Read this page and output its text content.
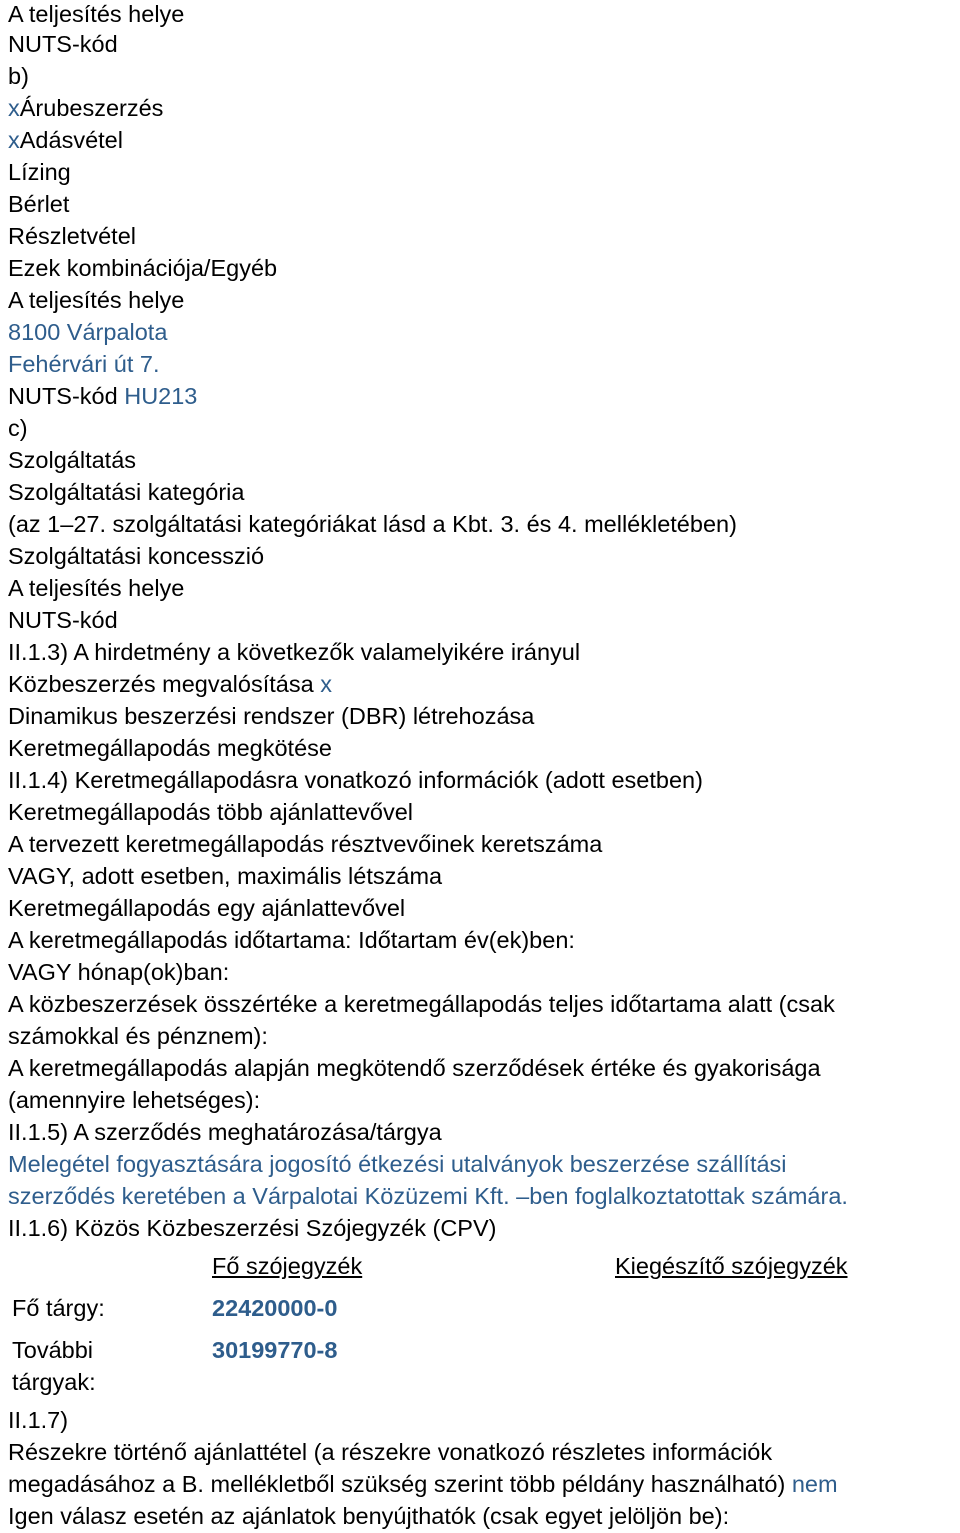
A teljesítés helye
NUTS-kód
b)
xÁrubeszerzés
xAdásvétel
Lízing
Bérlet
Részletvétel
Ezek kombinációja/Egyéb
A teljesítés helye
8100 Várpalota
Fehérvári út 7.
NUTS-kód HU213
c)
Szolgáltatás
Szolgáltatási kategória
(az 1–27. szolgáltatási kategóriákat lásd a Kbt. 3. és 4. mellékletében)
Szolgáltatási koncesszió
A teljesítés helye
NUTS-kód
II.1.3) A hirdetmény a következők valamelyikére irányul
Közbeszerzés megvalósítása x
Dinamikus beszerzési rendszer (DBR) létrehozása
Keretmegállapodás megkötése
II.1.4) Keretmegállapodásra vonatkozó információk (adott esetben)
Keretmegállapodás több ajánlattevővel
A tervezett keretmegállapodás résztvevőinek keretszáma
VAGY, adott esetben, maximális létszáma
Keretmegállapodás egy ajánlattevővel
A keretmegállapodás időtartama: Időtartam év(ek)ben:
VAGY hónap(ok)ban:
A közbeszerzések összértéke a keretmegállapodás teljes időtartama alatt (csak
számokkal és pénznem):
A keretmegállapodás alapján megkötendő szerződések értéke és gyakorisága
(amennyire lehetséges):
II.1.5) A szerződés meghatározása/tárgya
Melegétel fogyasztására jogosító étkezési utalványok beszerzése szállítási
szerződés keretében a Várpalotai Közüzemi Kft. –ben foglalkoztatottak számára.
II.1.6) Közös Közbeszerzési Szójegyzék (CPV)
Fő szójegyzék	Kiegészítő szójegyzék
Fő tárgy:	22420000-0
További
tárgyak:
30199770-8
II.1.7)
Részekre történő ajánlattétel (a részekre vonatkozó részletes információk
megadásához a B. mellékletből szükség szerint több példány használható) nem
Igen válasz esetén az ajánlatok benyújthatók (csak egyet jelöljön be):
